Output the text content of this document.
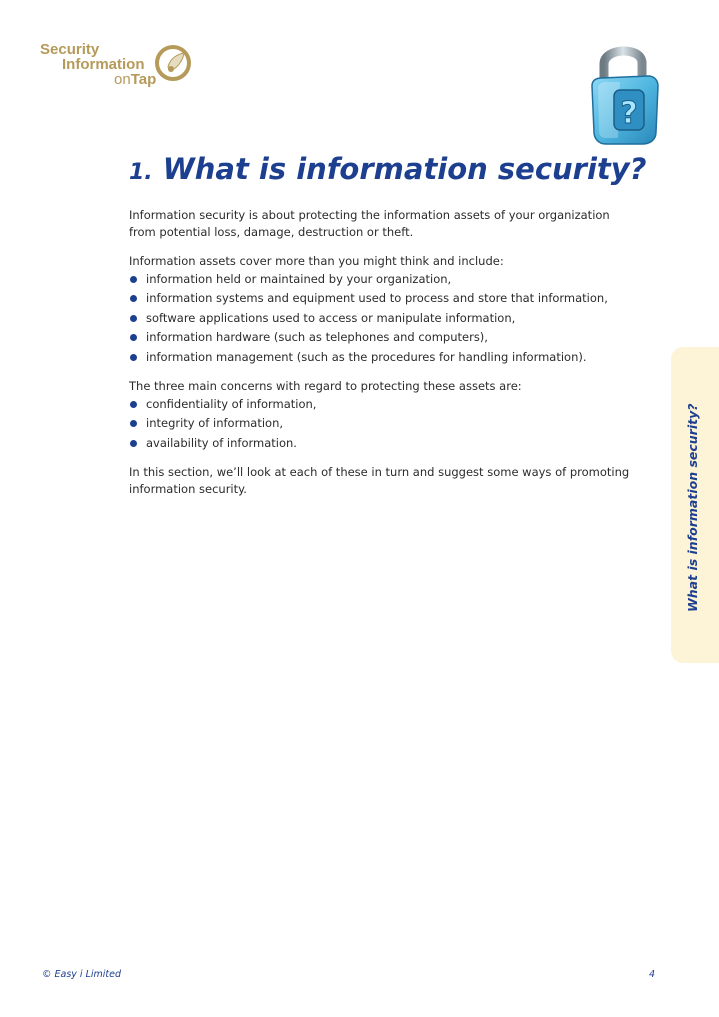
Security
Information
onTap
?
1. What is information security?

Information security is about protecting the information assets of your organization from potential loss, damage, destruction or theft.

Information assets cover more than you might think and include:

information held or maintained by your organization,
information systems and equipment used to process and store that information,
software applications used to access or manipulate information,
information hardware (such as telephones and computers),
information management (such as the procedures for handling information).

The three main concerns with regard to protecting these assets are:

confidentiality of information,
integrity of information,
availability of information.

In this section, we’ll look at each of these in turn and suggest some ways of promoting information security.	What is information security?
© Easy i Limited	4
